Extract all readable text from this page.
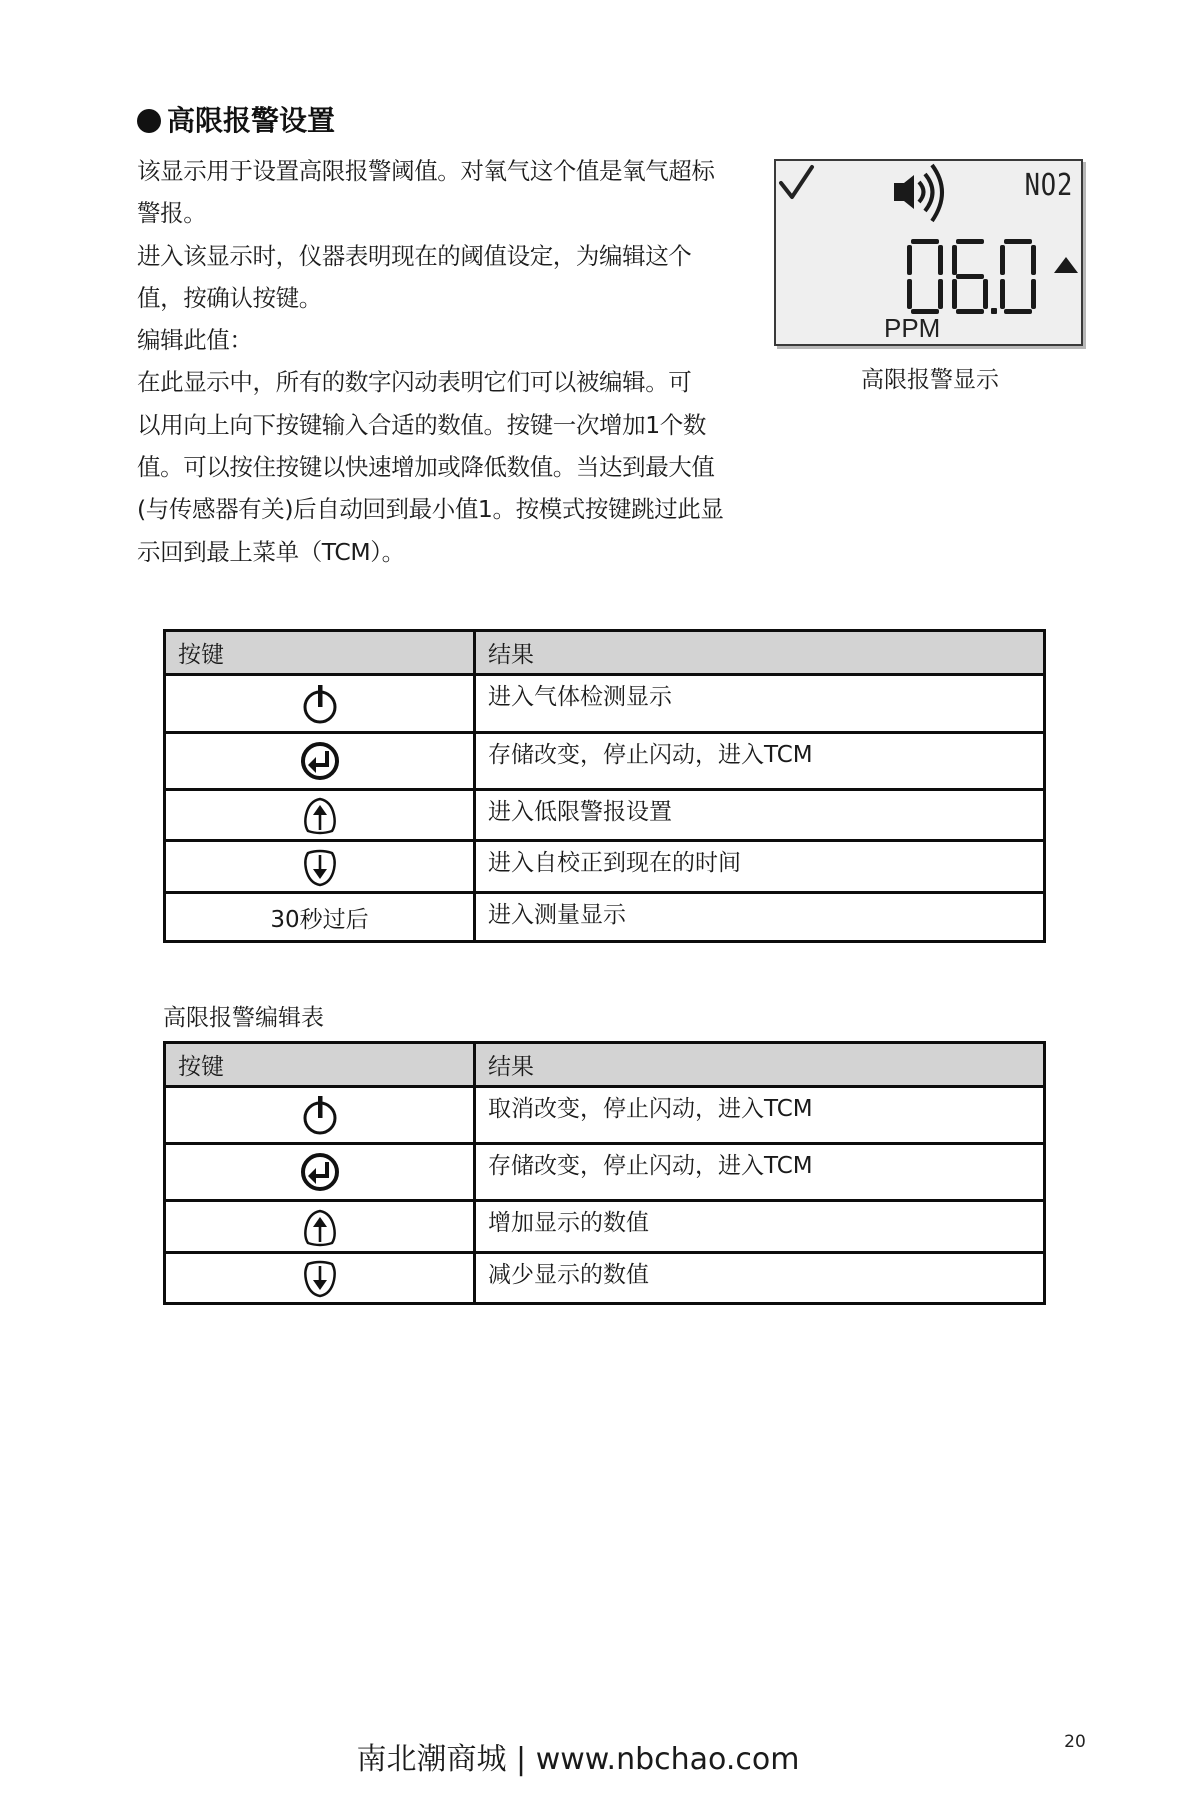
高限报警设置
该显示用于设置高限报警阈值。对氧气这个值是氧气超标
警报。
进入该显示时，仪器表明现在的阈值设定，为编辑这个
值，按确认按键。
编辑此值：
在此显示中，所有的数字闪动表明它们可以被编辑。可
以用向上向下按键输入合适的数值。按键一次增加1个数
值。可以按住按键以快速增加或降低数值。当达到最大值
(与传感器有关)后自动回到最小值1。按模式按键跳过此显
示回到最上菜单（TCM）。
NO2
PPM
高限报警显示
按键	结果

	进入气体检测显示

	存储改变，停止闪动，进入TCM

	进入低限警报设置

	进入自校正到现在的时间
30秒过后	进入测量显示
高限报警编辑表
按键	结果

	取消改变，停止闪动，进入TCM

	存储改变，停止闪动，进入TCM

	增加显示的数值

	减少显示的数值
南北潮商城 | www.nbchao.com	20
